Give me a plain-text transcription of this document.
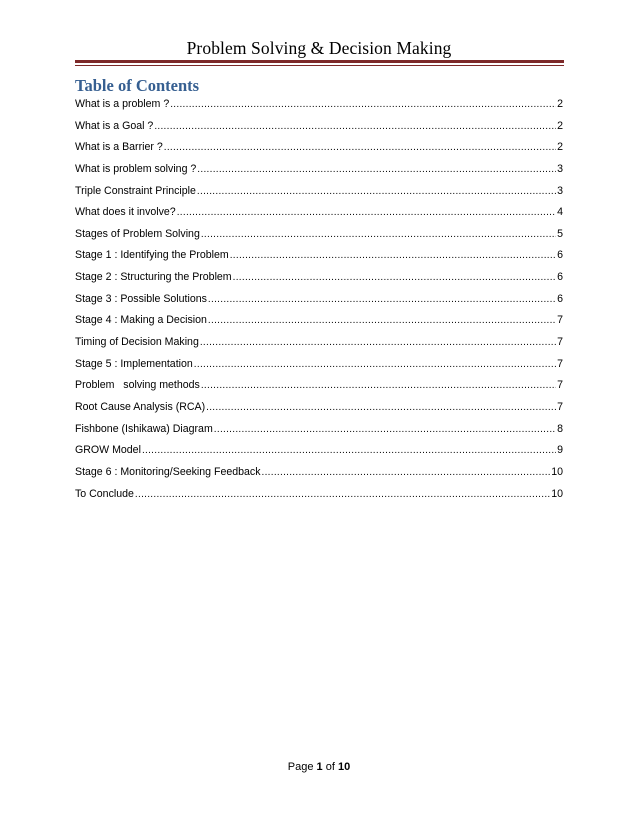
Problem Solving & Decision Making
Table of Contents
What is a problem ? .....	2
What is a Goal ? .....	2
What is a Barrier ? .....	2
What is problem solving ? .....	3
Triple Constraint Principle .....	3
What does it involve? .....	4
Stages of Problem Solving .....	5
Stage 1 : Identifying the Problem .....	6
Stage 2 : Structuring the Problem .....	6
Stage 3 : Possible Solutions .....	6
Stage 4 : Making a Decision .....	7
Timing of Decision Making .....	7
Stage 5 : Implementation .....	7
Problem   solving methods .....	7
Root Cause Analysis (RCA) .....	7
Fishbone (Ishikawa) Diagram .....	8
GROW Model .....	9
Stage 6 : Monitoring/Seeking Feedback .....	10
To Conclude .....	10
Page 1 of 10
